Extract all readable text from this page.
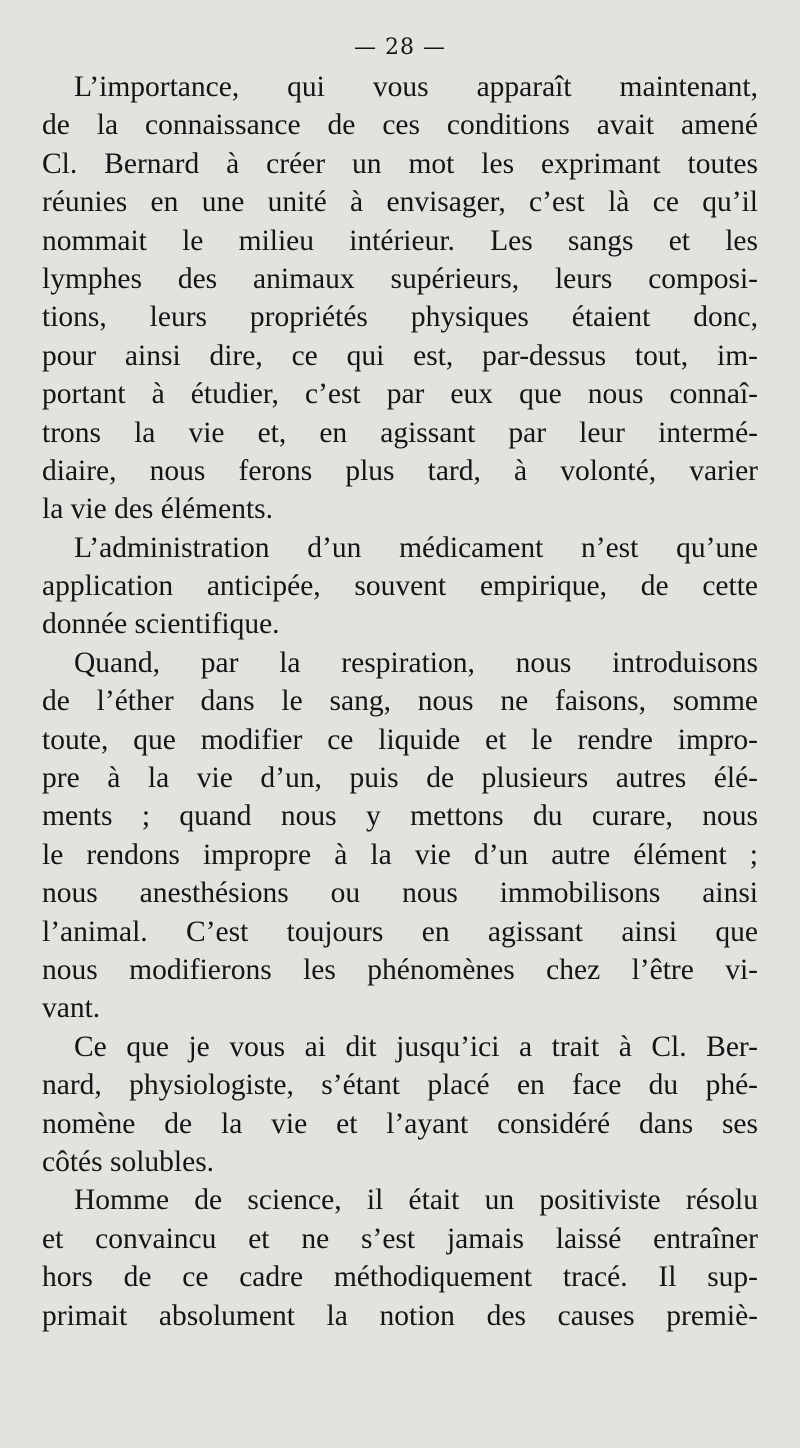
— 28 —
L’importance, qui vous apparaît maintenant,
de la connaissance de ces conditions avait amené
Cl. Bernard à créer un mot les exprimant toutes
réunies en une unité à envisager, c’est là ce qu’il
nommait le milieu intérieur. Les sangs et les
lymphes des animaux supérieurs, leurs composi-
tions, leurs propriétés physiques étaient donc,
pour ainsi dire, ce qui est, par-dessus tout, im-
portant à étudier, c’est par eux que nous connaî-
trons la vie et, en agissant par leur intermé-
diaire, nous ferons plus tard, à volonté, varier
la vie des éléments.
L’administration d’un médicament n’est qu’une
application anticipée, souvent empirique, de cette
donnée scientifique.
Quand, par la respiration, nous introduisons
de l’éther dans le sang, nous ne faisons, somme
toute, que modifier ce liquide et le rendre impro-
pre à la vie d’un, puis de plusieurs autres élé-
ments ; quand nous y mettons du curare, nous
le rendons impropre à la vie d’un autre élément ;
nous anesthésions ou nous immobilisons ainsi
l’animal. C’est toujours en agissant ainsi que
nous modifierons les phénomènes chez l’être vi-
vant.
Ce que je vous ai dit jusqu’ici a trait à Cl. Ber-
nard, physiologiste, s’étant placé en face du phé-
nomène de la vie et l’ayant considéré dans ses
côtés solubles.
Homme de science, il était un positiviste résolu
et convaincu et ne s’est jamais laissé entraîner
hors de ce cadre méthodiquement tracé. Il sup-
primait absolument la notion des causes premiè-
